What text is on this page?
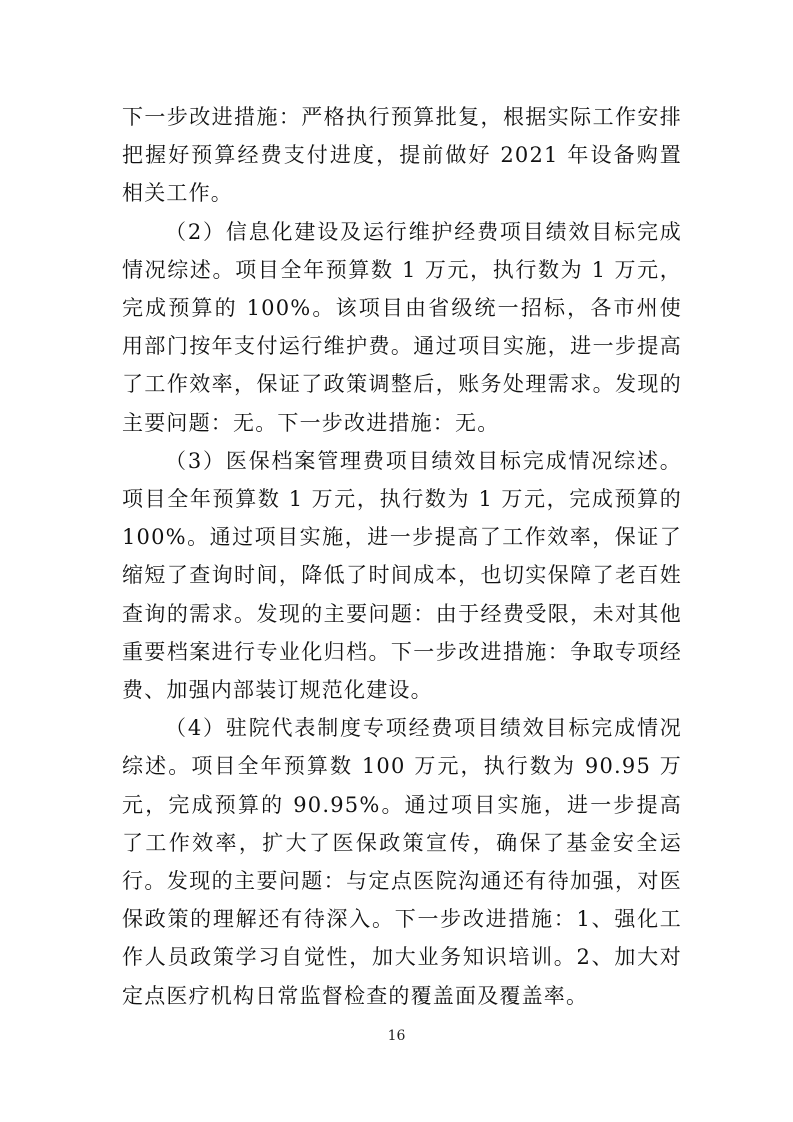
下一步改进措施：严格执行预算批复，根据实际工作安排把握好预算经费支付进度，提前做好 2021 年设备购置相关工作。

（2）信息化建设及运行维护经费项目绩效目标完成情况综述。项目全年预算数 1 万元，执行数为 1 万元，完成预算的 100%。该项目由省级统一招标，各市州使用部门按年支付运行维护费。通过项目实施，进一步提高了工作效率，保证了政策调整后，账务处理需求。发现的主要问题：无。下一步改进措施：无。

（3）医保档案管理费项目绩效目标完成情况综述。项目全年预算数 1 万元，执行数为 1 万元，完成预算的 100%。通过项目实施，进一步提高了工作效率，保证了缩短了查询时间，降低了时间成本，也切实保障了老百姓查询的需求。发现的主要问题：由于经费受限，未对其他重要档案进行专业化归档。下一步改进措施：争取专项经费、加强内部装订规范化建设。

（4）驻院代表制度专项经费项目绩效目标完成情况综述。项目全年预算数 100 万元，执行数为 90.95 万元，完成预算的 90.95%。通过项目实施，进一步提高了工作效率，扩大了医保政策宣传，确保了基金安全运行。发现的主要问题：与定点医院沟通还有待加强，对医保政策的理解还有待深入。下一步改进措施：1、强化工作人员政策学习自觉性，加大业务知识培训。2、加大对定点医疗机构日常监督检查的覆盖面及覆盖率。

16
